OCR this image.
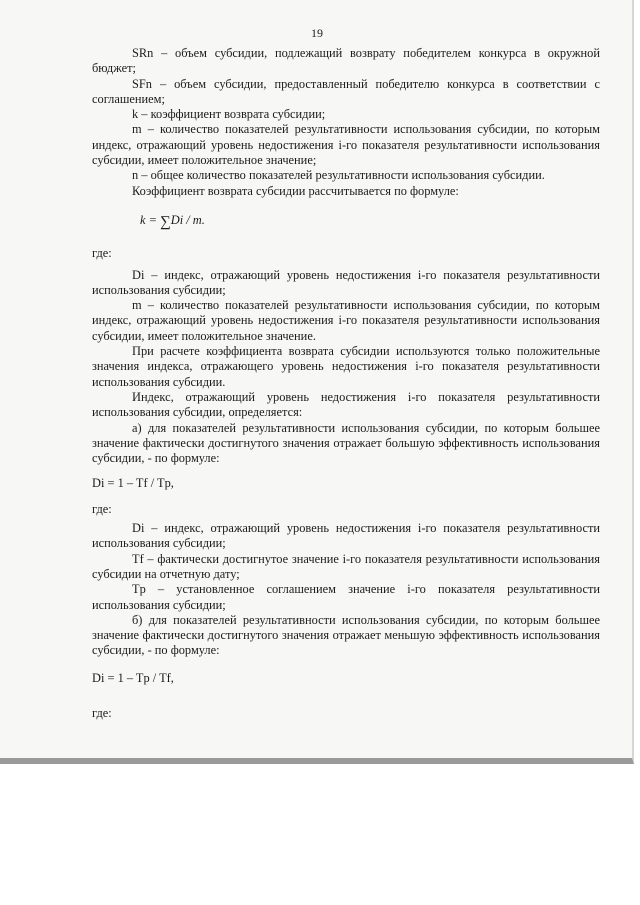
19

SRn – объем субсидии, подлежащий возврату победителем конкурса в окружной бюджет;

SFn – объем субсидии, предоставленный победителю конкурса в соответствии с соглашением;

k – коэффициент возврата субсидии;

m – количество показателей результативности использования субсидии, по которым индекс, отражающий уровень недостижения i-го показателя результативности использования субсидии, имеет положительное значение;

n – общее количество показателей результативности использования субсидии.

Коэффициент возврата субсидии рассчитывается по формуле:

k = ∑Di / m.

где:

Di – индекс, отражающий уровень недостижения i-го показателя результативности использования субсидии;

m – количество показателей результативности использования субсидии, по которым индекс, отражающий уровень недостижения i-го показателя результативности использования субсидии, имеет положительное значение.

При расчете коэффициента возврата субсидии используются только положительные значения индекса, отражающего уровень недостижения i-го показателя результативности использования субсидии.

Индекс, отражающий уровень недостижения i-го показателя результативности использования субсидии, определяется:

а) для показателей результативности использования субсидии, по которым большее значение фактически достигнутого значения отражает большую эффективность использования субсидии, - по формуле:

Di = 1 – Tf / Tp,

где:

Di – индекс, отражающий уровень недостижения i-го показателя результативности использования субсидии;

Tf – фактически достигнутое значение i-го показателя результативности использования субсидии на отчетную дату;

Tp – установленное соглашением значение i-го показателя результативности использования субсидии;

б) для показателей результативности использования субсидии, по которым большее значение фактически достигнутого значения отражает меньшую эффективность использования субсидии, - по формуле:

Di = 1 – Tp / Tf,

где:
